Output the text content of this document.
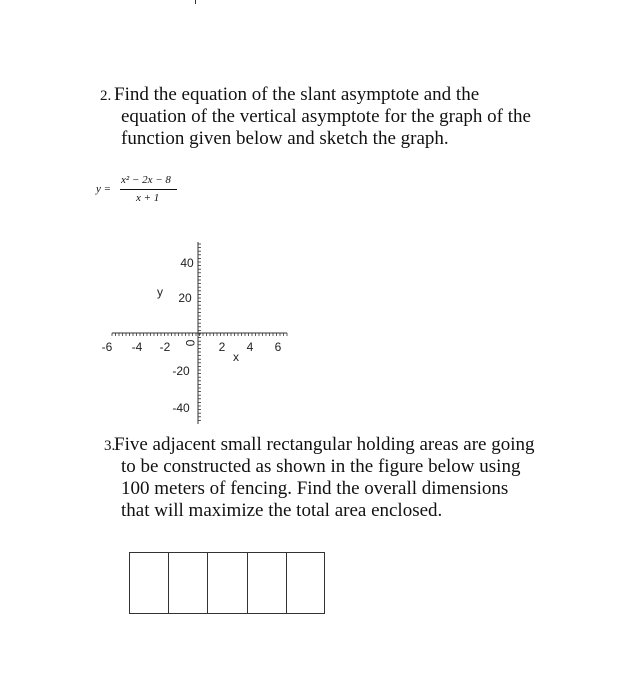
2. Find the equation of the slant asymptote and the
equation of the vertical asymptote for the graph of the
function given below and sketch the graph.
y =
x² − 2x − 8
x + 1
-6 -4 -2	2 4 6
x
0
40
y 20
-20
-40
3.
Five adjacent small rectangular holding areas are going
to be constructed as shown in the figure below using
100 meters of fencing. Find the overall dimensions
that will maximize the total area enclosed.
